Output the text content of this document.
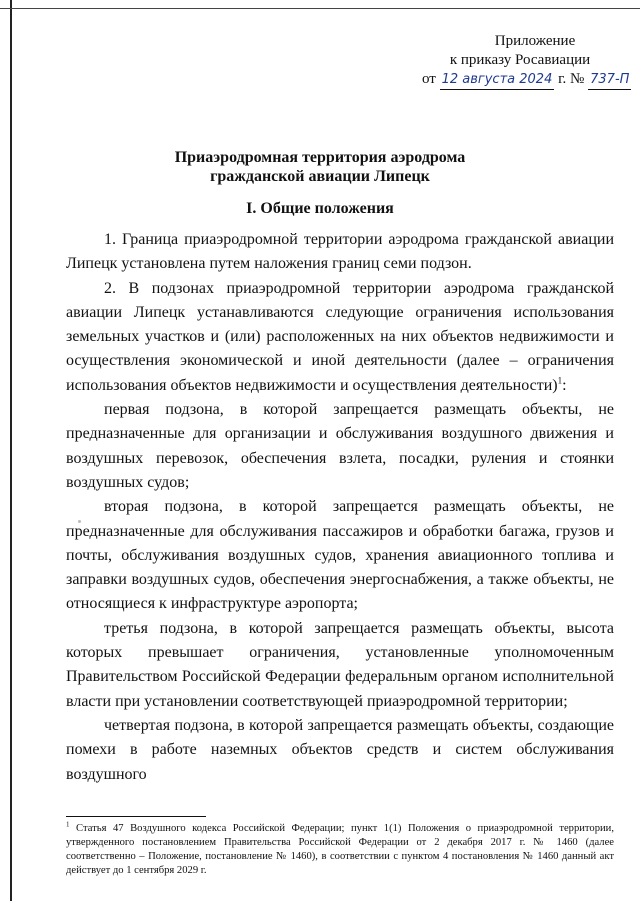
Приложение
к приказу Росавиации
от 12 августа 2024 г. № 737-П
Приаэродромная территория аэродрома
гражданской авиации Липецк
I. Общие положения

1. Граница приаэродромной территории аэродрома гражданской авиации Липецк установлена путем наложения границ семи подзон.

2. В подзонах приаэродромной территории аэродрома гражданской авиации Липецк устанавливаются следующие ограничения использования земельных участков и (или) расположенных на них объектов недвижимости и осуществления экономической и иной деятельности (далее – ограничения использования объектов недвижимости и осуществления деятельности)$^1$:

первая подзона, в которой запрещается размещать объекты, не предназначенные для организации и обслуживания воздушного движения и воздушных перевозок, обеспечения взлета, посадки, руления и стоянки воздушных судов;

вторая подзона, в которой запрещается размещать объекты, не предназначенные для обслуживания пассажиров и обработки багажа, грузов и почты, обслуживания воздушных судов, хранения авиационного топлива и заправки воздушных судов, обеспечения энергоснабжения, а также объекты, не относящиеся к инфраструктуре аэропорта;

третья подзона, в которой запрещается размещать объекты, высота которых превышает ограничения, установленные уполномоченным Правительством Российской Федерации федеральным органом исполнительной власти при установлении соответствующей приаэродромной территории;

четвертая подзона, в которой запрещается размещать объекты, создающие помехи в работе наземных объектов средств и систем обслуживания воздушного

$^1$ Статья 47 Воздушного кодекса Российской Федерации; пункт 1(1) Положения о приаэродромной территории, утвержденного постановлением Правительства Российской Федерации от 2 декабря 2017 г. № 1460 (далее соответственно – Положение, постановление № 1460), в соответствии с пунктом 4 постановления № 1460 данный акт действует до 1 сентября 2029 г.
